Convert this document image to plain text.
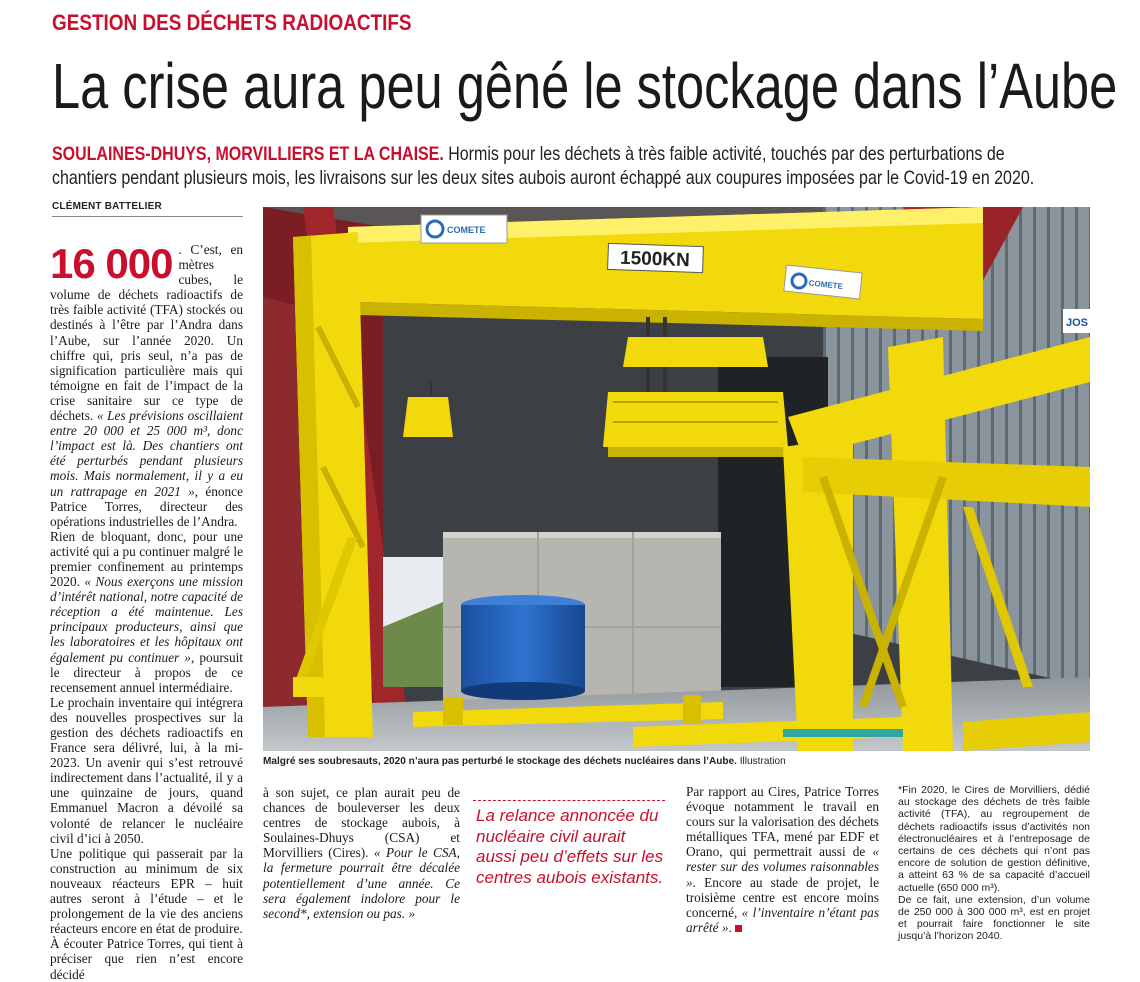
GESTION DES DÉCHETS RADIOACTIFS
La crise aura peu gêné le stockage dans l’Aube

SOULAINES-DHUYS, MORVILLIERS ET LA CHAISE. Hormis pour les déchets à très faible activité, touchés par des perturbations de chantiers pendant plusieurs mois, les livraisons sur les deux sites aubois auront échappé aux coupures imposées par le Covid-19 en 2020.

CLÉMENT BATTELIER

16 000 . C’est, en mètres cubes, le volume de déchets radioactifs de très faible activité (TFA) stockés ou destinés à l’être par l’Andra dans l’Aube, sur l’année 2020. Un chiffre qui, pris seul, n’a pas de signification particulière mais qui témoigne en fait de l’impact de la crise sanitaire sur ce type de déchets. « Les prévisions oscillaient entre 20 000 et 25 000 m³, donc l’impact est là. Des chantiers ont été perturbés pendant plusieurs mois. Mais normalement, il y a eu un rattrapage en 2021 », énonce Patrice Torres, directeur des opérations industrielles de l’Andra.

Rien de bloquant, donc, pour une activité qui a pu continuer malgré le premier confinement au printemps 2020. « Nous exerçons une mission d’intérêt national, notre capacité de réception a été maintenue. Les principaux producteurs, ainsi que les laboratoires et les hôpitaux ont également pu continuer », poursuit le directeur à propos de ce recensement annuel intermédiaire.

Le prochain inventaire qui intégrera des nouvelles prospectives sur la gestion des déchets radioactifs en France sera délivré, lui, à la mi-2023. Un avenir qui s’est retrouvé indirectement dans l’actualité, il y a une quinzaine de jours, quand Emmanuel Macron a dévoilé sa volonté de relancer le nucléaire civil d’ici à 2050.

Une politique qui passerait par la construction au minimum de six nouveaux réacteurs EPR – huit autres seront à l’étude – et le prolongement de la vie des anciens réacteurs encore en état de produire.

À écouter Patrice Torres, qui tient à préciser que rien n’est encore décidé

1500KN
COMETE
COMETE
JOS

Malgré ses soubresauts, 2020 n’aura pas perturbé le stockage des déchets nucléaires dans l’Aube. Illustration

à son sujet, ce plan aurait peu de chances de bouleverser les deux centres de stockage aubois, à Soulaines-Dhuys (CSA) et Morvilliers (Cires). « Pour le CSA, la fermeture pourrait être décalée potentiellement d’une année. Ce sera également indolore pour le second*, extension ou pas. »

La relance annoncée du nucléaire civil aurait aussi peu d’effets sur les centres aubois existants.

Par rapport au Cires, Patrice Torres évoque notamment le travail en cours sur la valorisation des déchets métalliques TFA, mené par EDF et Orano, qui permettrait aussi de « rester sur des volumes raisonnables ». Encore au stade de projet, le troisième centre est encore moins concerné, « l’inventaire n’étant pas arrêté ».

*Fin 2020, le Cires de Morvilliers, dédié au stockage des déchets de très faible activité (TFA), au regroupement de déchets radioactifs issus d’activités non électronucléaires et à l’entreposage de certains de ces déchets qui n’ont pas encore de solution de gestion définitive, a atteint 63 % de sa capacité d’accueil actuelle (650 000 m³).

De ce fait, une extension, d’un volume de 250 000 à 300 000 m³, est en projet et pourrait faire fonctionner le site jusqu’à l’horizon 2040.
